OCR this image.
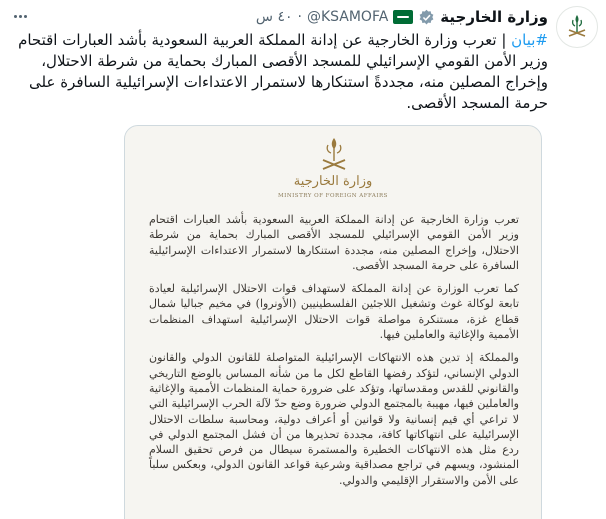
وزارة الخارجية
@KSAMOFA
·
٤٠ س
#بيان | تعرب وزارة الخارجية عن إدانة المملكة العربية السعودية بأشد العبارات اقتحام وزير الأمن القومي الإسرائيلي للمسجد الأقصى المبارك بحماية من شرطة الاحتلال، وإخراج المصلين منه، مجددةً استنكارها لاستمرار الاعتداءات الإسرائيلية السافرة على حرمة المسجد الأقصى.
وزارة الخارجية
MINISTRY OF FOREIGN AFFAIRS

تعرب وزارة الخارجية عن إدانة المملكة العربية السعودية بأشد العبارات اقتحام وزير الأمن القومي الإسرائيلي للمسجد الأقصى المبارك بحماية من شرطة الاحتلال، وإخراج المصلين منه، مجددة استنكارها لاستمرار الاعتداءات الإسرائيلية السافرة على حرمة المسجد الأقصى.

كما تعرب الوزارة عن إدانة المملكة لاستهداف قوات الاحتلال الإسرائيلية لعيادة تابعة لوكالة غوث وتشغيل اللاجئين الفلسطينيين (الأونروا) في مخيم جباليا شمال قطاع غزة، مستنكرة مواصلة قوات الاحتلال الإسرائيلية استهداف المنظمات الأممية والإغاثية والعاملين فيها.

والمملكة إذ تدين هذه الانتهاكات الإسرائيلية المتواصلة للقانون الدولي والقانون الدولي الإنساني، لتؤكد رفضها القاطع لكل ما من شأنه المساس بالوضع التاريخي والقانوني للقدس ومقدساتها، وتؤكد على ضرورة حماية المنظمات الأممية والإغاثية والعاملين فيها، مهيبة بالمجتمع الدولي ضرورة وضع حدّ لآلة الحرب الإسرائيلية التي لا تراعي أي قيم إنسانية ولا قوانين أو أعراف دولية، ومحاسبة سلطات الاحتلال الإسرائيلية على انتهاكاتها كافة، مجددة تحذيرها من أن فشل المجتمع الدولي في ردع مثل هذه الانتهاكات الخطيرة والمستمرة سيطال من فرص تحقيق السلام المنشود، ويسهم في تراجع مصداقية وشرعية قواعد القانون الدولي، وبعكس سلباً على الأمن والاستقرار الإقليمي والدولي.
